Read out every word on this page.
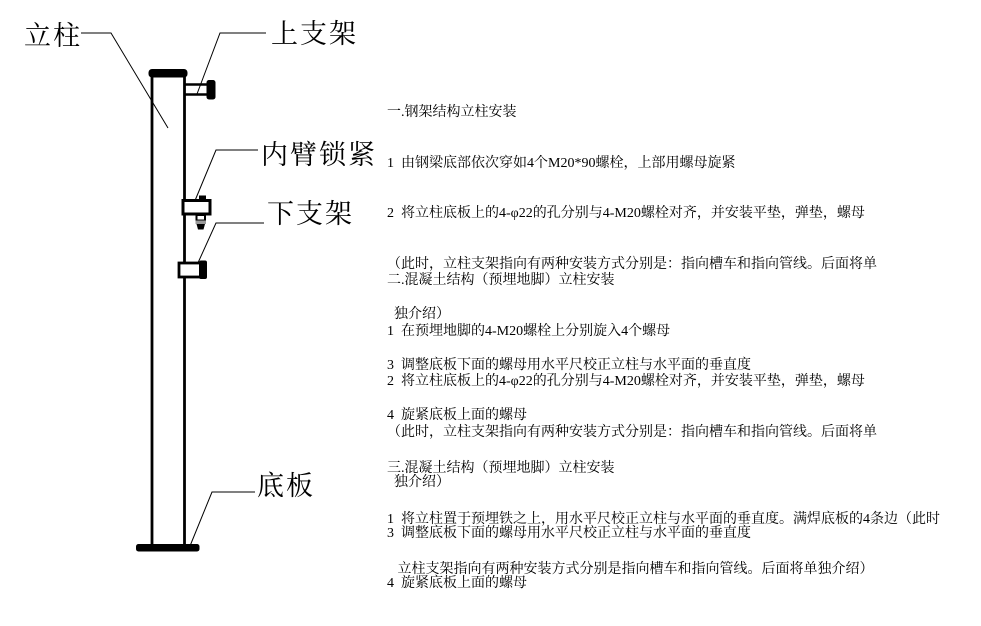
立柱	上支架
内臂锁紧
下支架
底板

一.钢架结构立柱安装

1  由钢梁底部依次穿如4个M20*90螺栓，上部用螺母旋紧

2  将立柱底板上的4-φ22的孔分别与4-M20螺栓对齐，并安装平垫，弹垫，螺母

（此时，立柱支架指向有两种安装方式分别是：指向槽车和指向管线。后面将单

独介绍）

3  调整底板下面的螺母用水平尺校正立柱与水平面的垂直度

4  旋紧底板上面的螺母

二.混凝土结构（预埋地脚）立柱安装

1  在预埋地脚的4-M20螺栓上分别旋入4个螺母

2  将立柱底板上的4-φ22的孔分别与4-M20螺栓对齐，并安装平垫，弹垫，螺母

（此时，立柱支架指向有两种安装方式分别是：指向槽车和指向管线。后面将单

独介绍）

3  调整底板下面的螺母用水平尺校正立柱与水平面的垂直度

4  旋紧底板上面的螺母

三.混凝土结构（预埋地脚）立柱安装

1  将立柱置于预埋铁之上，用水平尺校正立柱与水平面的垂直度。满焊底板的4条边（此时

立柱支架指向有两种安装方式分别是指向槽车和指向管线。后面将单独介绍）
